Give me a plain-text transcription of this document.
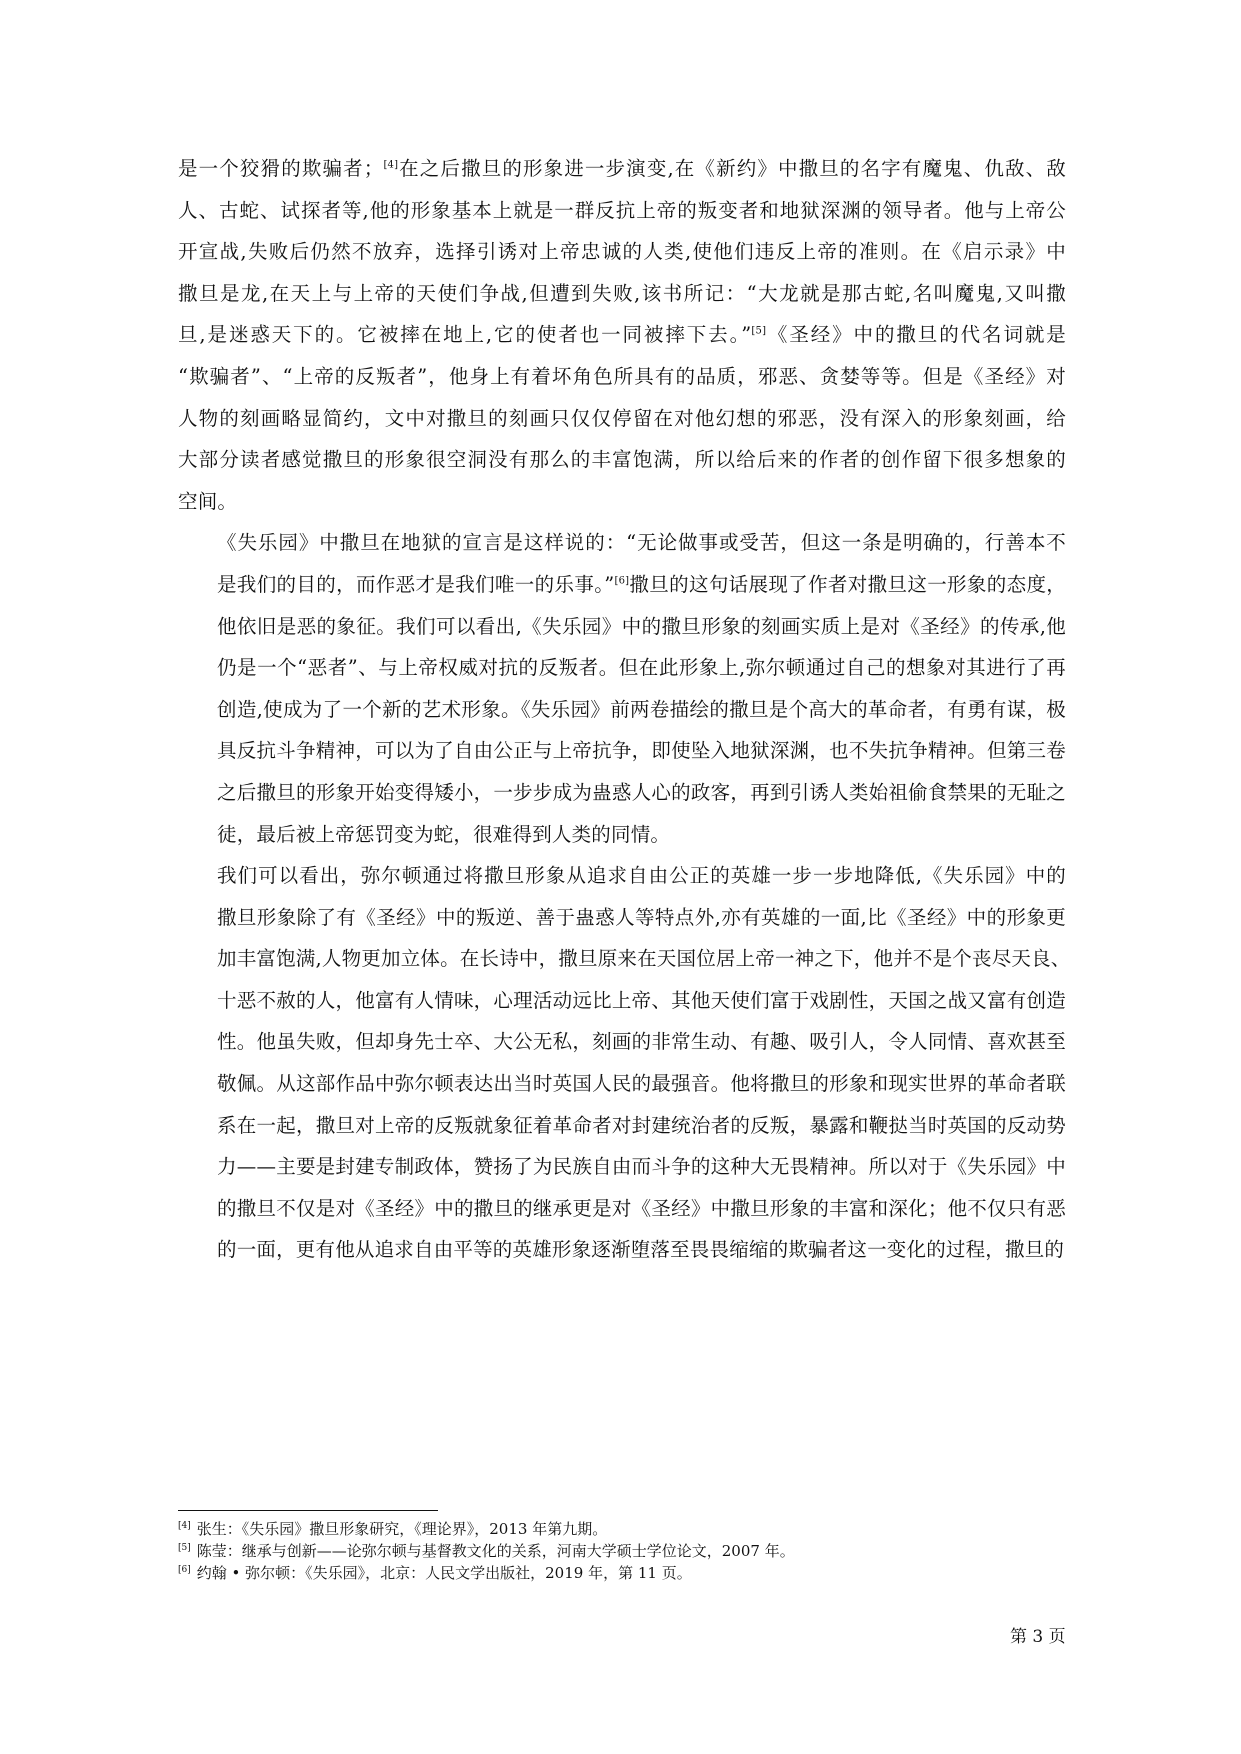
是一个狡猾的欺骗者；[4]在之后撒旦的形象进一步演变,在《新约》中撒旦的名字有魔鬼、仇敌、敌
人、古蛇、试探者等,他的形象基本上就是一群反抗上帝的叛变者和地狱深渊的领导者。他与上帝公
开宣战,失败后仍然不放弃，选择引诱对上帝忠诚的人类,使他们违反上帝的准则。在《启示录》中
撒旦是龙,在天上与上帝的天使们争战,但遭到失败,该书所记：“大龙就是那古蛇,名叫魔鬼,又叫撒
旦,是迷惑天下的。它被摔在地上,它的使者也一同被摔下去。”[5]《圣经》中的撒旦的代名词就是
“欺骗者”、“上帝的反叛者”，他身上有着坏角色所具有的品质，邪恶、贪婪等等。但是《圣经》对
人物的刻画略显简约，文中对撒旦的刻画只仅仅停留在对他幻想的邪恶，没有深入的形象刻画，给
大部分读者感觉撒旦的形象很空洞没有那么的丰富饱满，所以给后来的作者的创作留下很多想象的
空间。
《失乐园》中撒旦在地狱的宣言是这样说的：“无论做事或受苦，但这一条是明确的，行善本不
是我们的目的，而作恶才是我们唯一的乐事。”[6]撒旦的这句话展现了作者对撒旦这一形象的态度，
他依旧是恶的象征。我们可以看出,《失乐园》中的撒旦形象的刻画实质上是对《圣经》的传承,他
仍是一个“恶者”、与上帝权威对抗的反叛者。但在此形象上,弥尔顿通过自己的想象对其进行了再
创造,使成为了一个新的艺术形象。《失乐园》前两卷描绘的撒旦是个高大的革命者，有勇有谋，极
具反抗斗争精神，可以为了自由公正与上帝抗争，即使坠入地狱深渊，也不失抗争精神。但第三卷
之后撒旦的形象开始变得矮小，一步步成为蛊惑人心的政客，再到引诱人类始祖偷食禁果的无耻之
徒，最后被上帝惩罚变为蛇，很难得到人类的同情。
我们可以看出，弥尔顿通过将撒旦形象从追求自由公正的英雄一步一步地降低,《失乐园》中的
撒旦形象除了有《圣经》中的叛逆、善于蛊惑人等特点外,亦有英雄的一面,比《圣经》中的形象更
加丰富饱满,人物更加立体。在长诗中，撒旦原来在天国位居上帝一神之下，他并不是个丧尽天良、
十恶不赦的人，他富有人情味，心理活动远比上帝、其他天使们富于戏剧性，天国之战又富有创造
性。他虽失败，但却身先士卒、大公无私，刻画的非常生动、有趣、吸引人，令人同情、喜欢甚至
敬佩。从这部作品中弥尔顿表达出当时英国人民的最强音。他将撒旦的形象和现实世界的革命者联
系在一起，撒旦对上帝的反叛就象征着革命者对封建统治者的反叛，暴露和鞭挞当时英国的反动势
力——主要是封建专制政体，赞扬了为民族自由而斗争的这种大无畏精神。所以对于《失乐园》中
的撒旦不仅是对《圣经》中的撒旦的继承更是对《圣经》中撒旦形象的丰富和深化；他不仅只有恶
的一面，更有他从追求自由平等的英雄形象逐渐堕落至畏畏缩缩的欺骗者这一变化的过程，撒旦的
[4] 张生：《失乐园》撒旦形象研究，《理论界》，2013 年第九期。
[5] 陈莹：继承与创新——论弥尔顿与基督教文化的关系，河南大学硕士学位论文，2007 年。
[6] 约翰 • 弥尔顿：《失乐园》，北京：人民文学出版社，2019 年，第 11 页。
第 3 页
